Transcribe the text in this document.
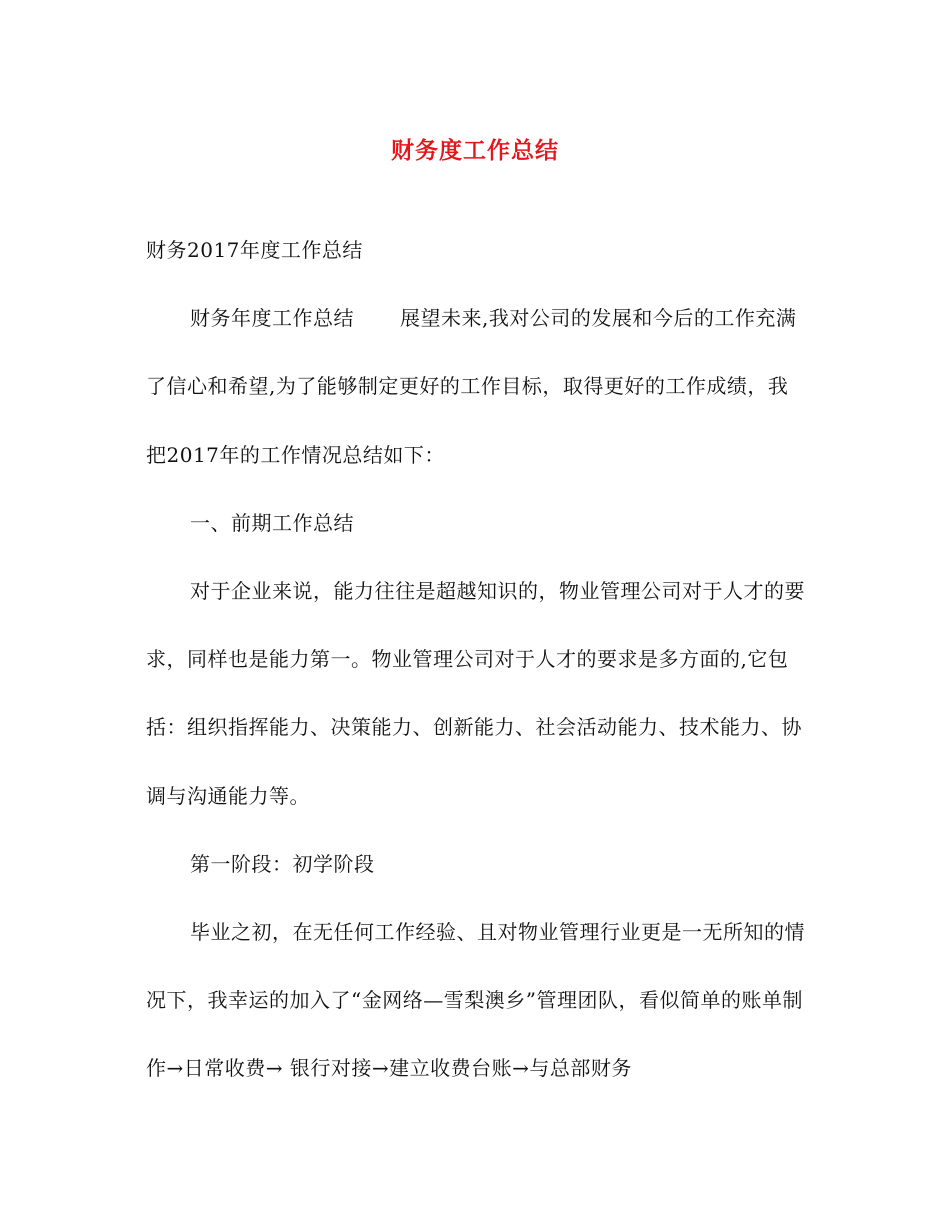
财务度工作总结

财务2017年度工作总结

财务年度工作总结 展望未来,我对公司的发展和今后的工作充满了信心和希望,为了能够制定更好的工作目标，取得更好的工作成绩，我把2017年的工作情况总结如下：

一、前期工作总结

对于企业来说，能力往往是超越知识的，物业管理公司对于人才的要求，同样也是能力第一。物业管理公司对于人才的要求是多方面的,它包括：组织指挥能力、决策能力、创新能力、社会活动能力、技术能力、协调与沟通能力等。

第一阶段：初学阶段

毕业之初，在无任何工作经验、且对物业管理行业更是一无所知的情况下，我幸运的加入了“金网络—雪梨澳乡”管理团队，看似简单的账单制作→日常收费→ 银行对接→建立收费台账→与总部财务
